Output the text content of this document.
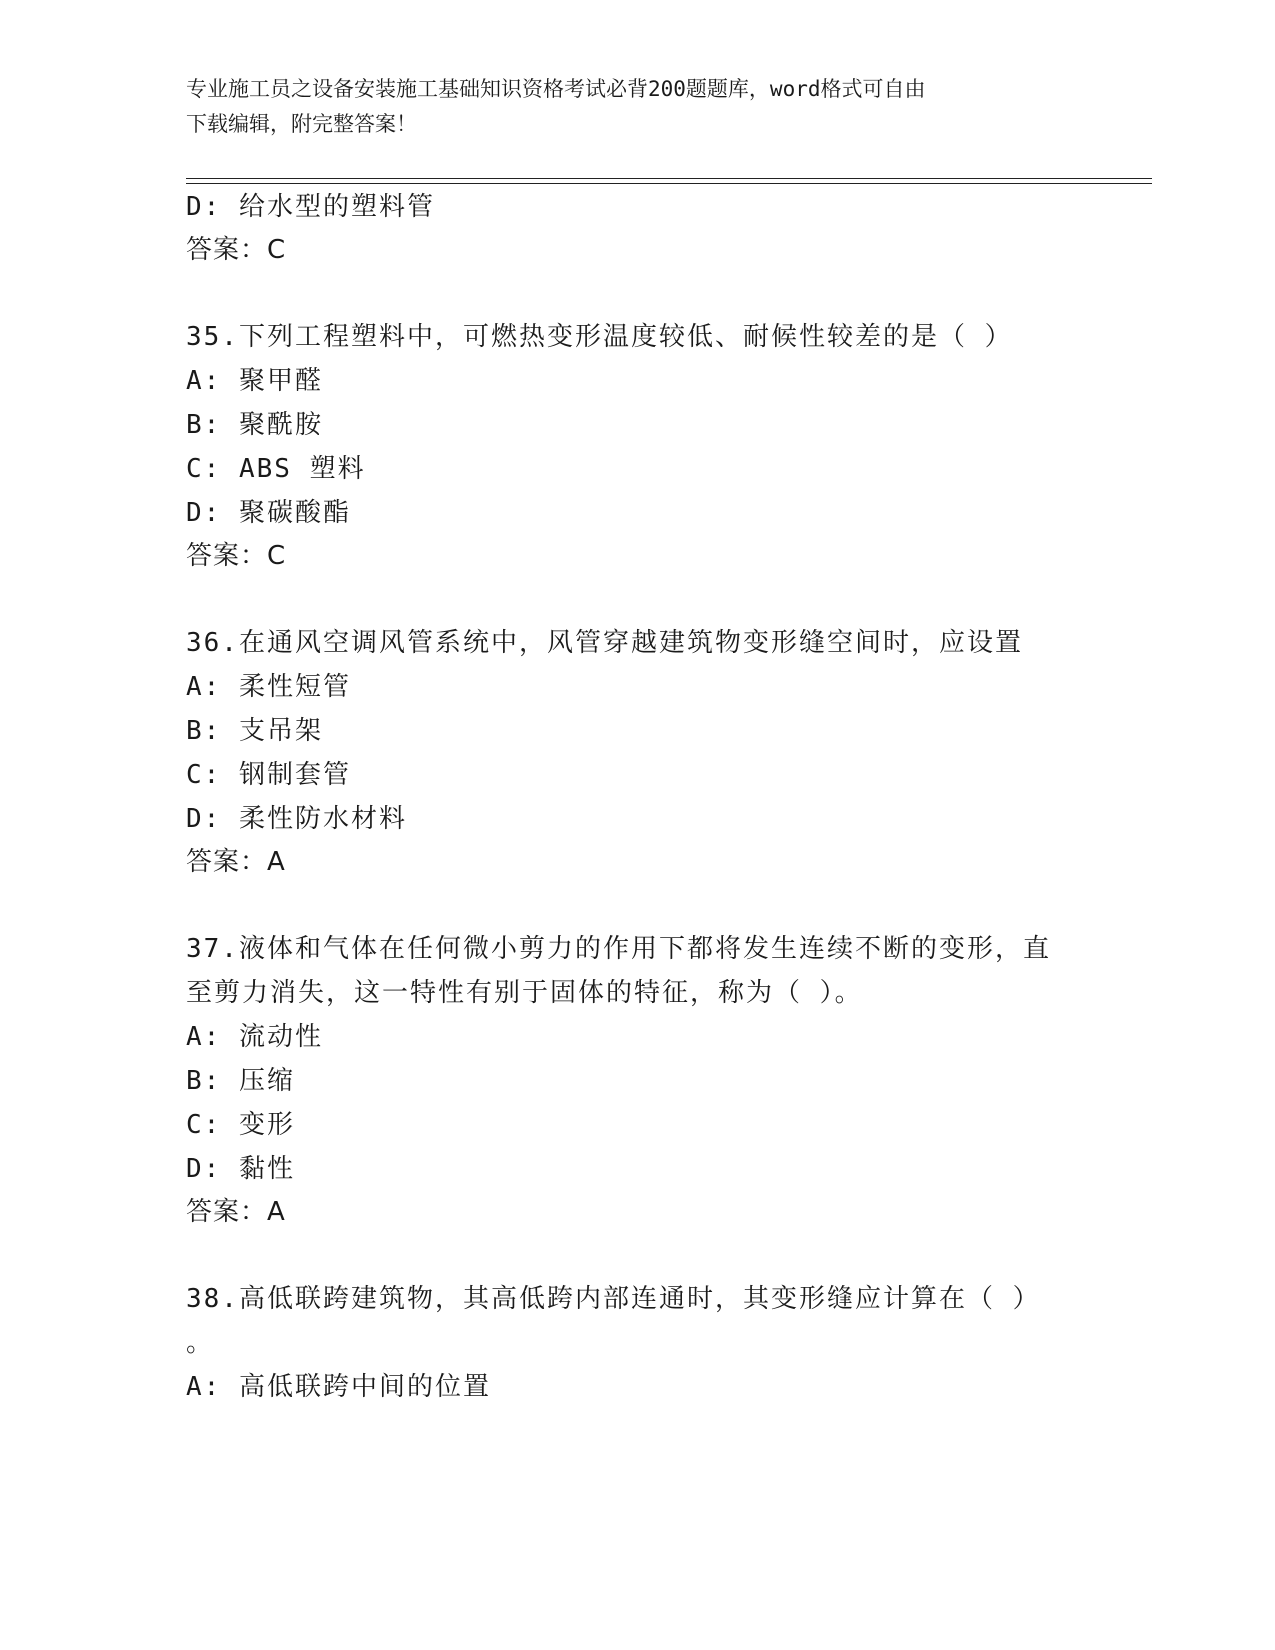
专业施工员之设备安装施工基础知识资格考试必背200题题库，word格式可自由
下载编辑，附完整答案！
D: 给水型的塑料管
答案：C
35.下列工程塑料中，可燃热变形温度较低、耐候性较差的是（ ）
A: 聚甲醛
B: 聚酰胺
C: ABS 塑料
D: 聚碳酸酯
答案：C
36.在通风空调风管系统中，风管穿越建筑物变形缝空间时，应设置
A: 柔性短管
B: 支吊架
C: 钢制套管
D: 柔性防水材料
答案：A
37.液体和气体在任何微小剪力的作用下都将发生连续不断的变形，直
至剪力消失，这一特性有别于固体的特征，称为（ ）。
A: 流动性
B: 压缩
C: 变形
D: 黏性
答案：A
38.高低联跨建筑物，其高低跨内部连通时，其变形缝应计算在（ ）
。
A: 高低联跨中间的位置
